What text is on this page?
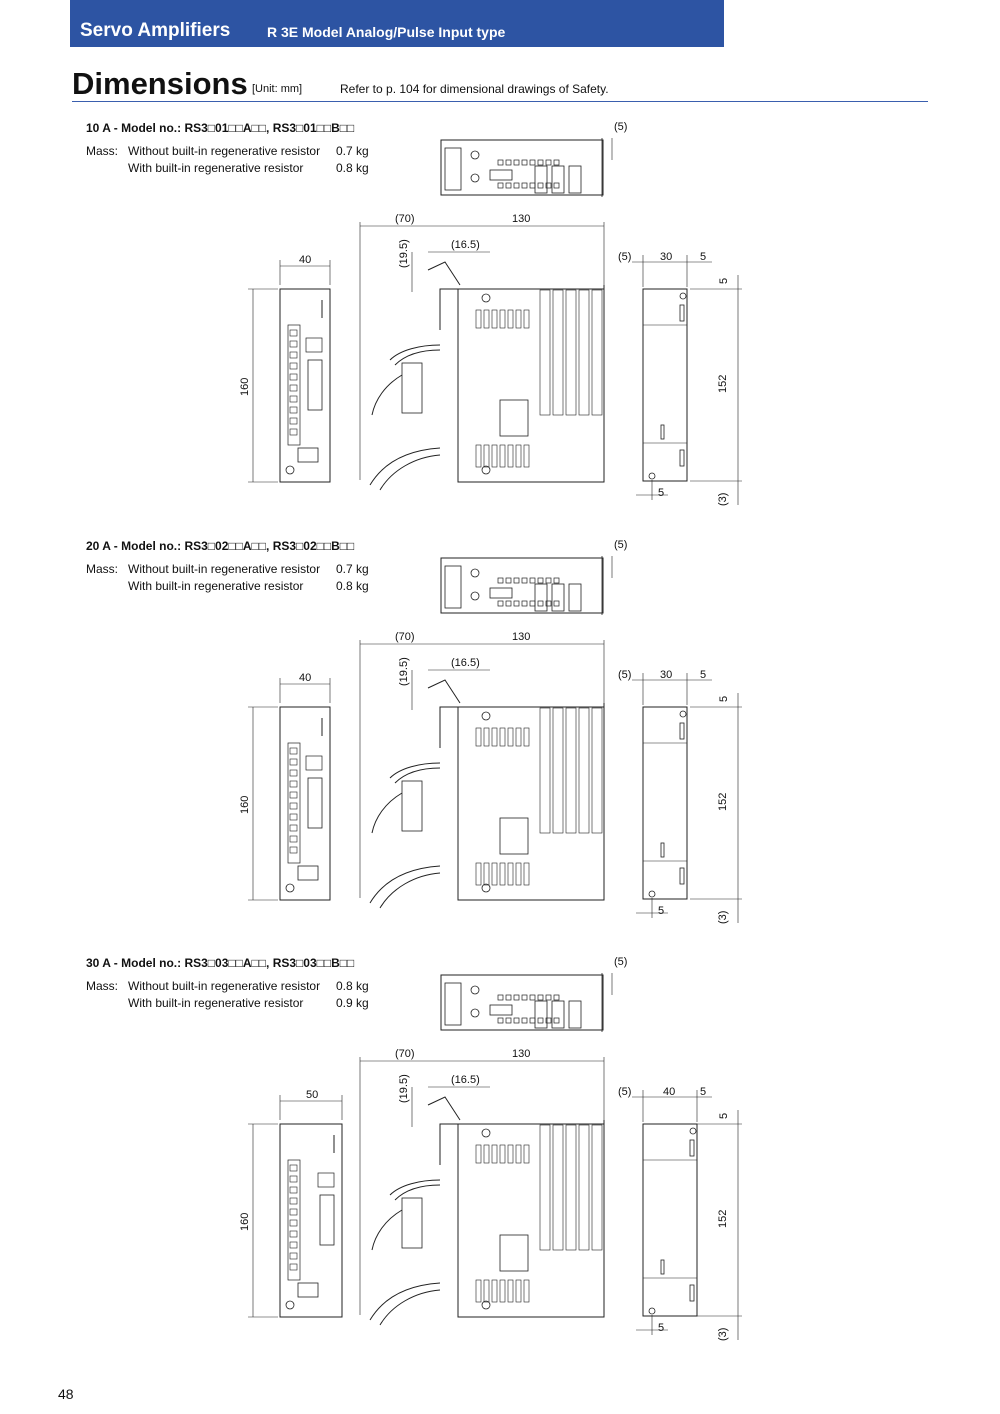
Servo Amplifiers	R 3E Model Analog/Pulse Input type
Dimensions [Unit: mm]	Refer to p. 104 for dimensional drawings of Safety.
10 A - Model no.: RS3□01□□A□□, RS3□01□□B□□
Mass: Without built-in regenerative resistor 0.7 kg
With built-in regenerative resistor	0.8 kg
(5)
(70)	130
(16.5)
40	(5)	30	5
5
(19.5)
160
5
152
(3)
20 A - Model no.: RS3□02□□A□□, RS3□02□□B□□
Mass: Without built-in regenerative resistor 0.7 kg
With built-in regenerative resistor	0.8 kg
(5)
(70)	130
(16.5)
40	(5)	30	5
5
(19.5)
160
5
152
(3)
30 A - Model no.: RS3□03□□A□□, RS3□03□□B□□
Mass: Without built-in regenerative resistor 0.8 kg
With built-in regenerative resistor	0.9 kg
(5)
(70)	130
(16.5)
50	(5)	40 5
5
(19.5)
160
5
152
(3)
48
